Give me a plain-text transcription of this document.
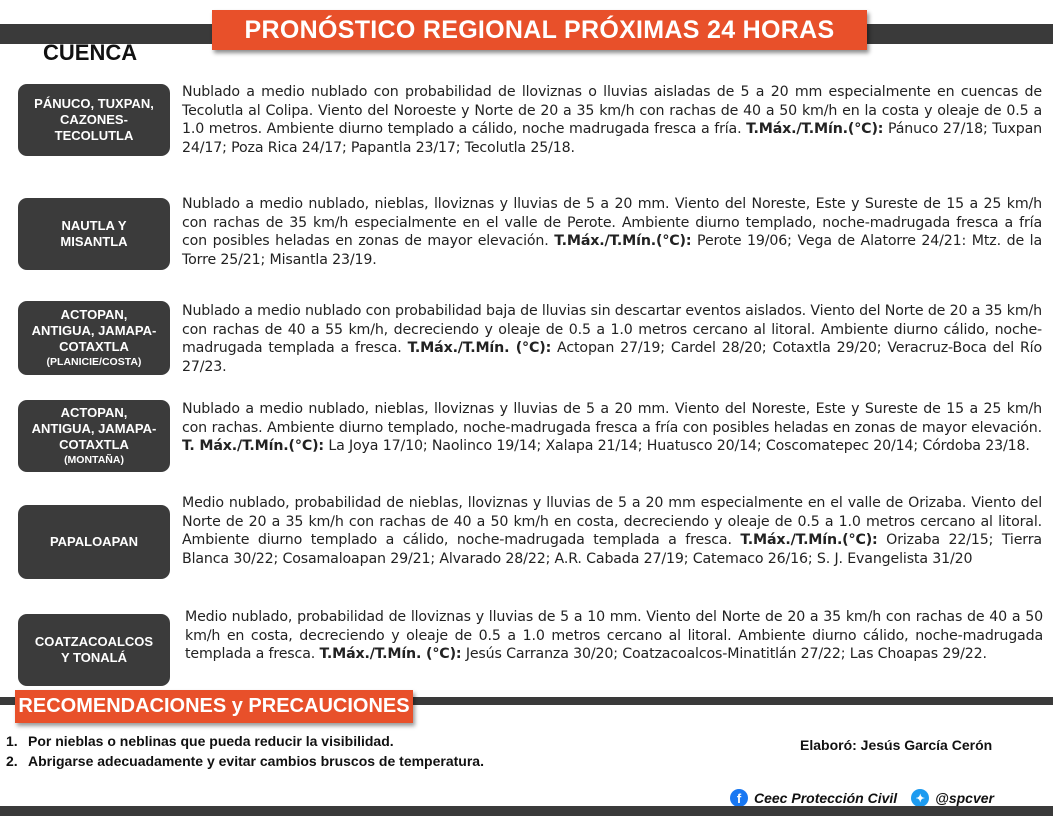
PRONÓSTICO REGIONAL PRÓXIMAS 24 HORAS
CUENCA
PÁNUCO, TUXPAN,
CAZONES-
TECOLUTLA
Nublado a medio nublado con probabilidad de lloviznas o lluvias aisladas de 5 a 20 mm especialmente en cuencas de Tecolutla al Colipa. Viento del Noroeste y Norte de 20 a 35 km/h con rachas de 40 a 50 km/h en la costa y oleaje de 0.5 a 1.0 metros. Ambiente diurno templado a cálido, noche madrugada fresca a fría. T.Máx./T.Mín.(°C): Pánuco 27/18; Tuxpan 24/17; Poza Rica 24/17; Papantla 23/17; Tecolutla 25/18.
NAUTLA Y
MISANTLA
Nublado a medio nublado, nieblas, lloviznas y lluvias de 5 a 20 mm. Viento del Noreste, Este y Sureste de 15 a 25 km/h con rachas de 35 km/h especialmente en el valle de Perote. Ambiente diurno templado, noche-madrugada fresca a fría con posibles heladas en zonas de mayor elevación. T.Máx./T.Mín.(°C): Perote 19/06; Vega de Alatorre 24/21: Mtz. de la Torre 25/21; Misantla 23/19.
ACTOPAN,
ANTIGUA, JAMAPA-
COTAXTLA
(PLANICIE/COSTA)
Nublado a medio nublado con probabilidad baja de lluvias sin descartar eventos aislados. Viento del Norte de 20 a 35 km/h con rachas de 40 a 55 km/h, decreciendo y oleaje de 0.5 a 1.0 metros cercano al litoral. Ambiente diurno cálido, noche-madrugada templada a fresca. T.Máx./T.Mín. (°C): Actopan 27/19; Cardel 28/20; Cotaxtla 29/20; Veracruz-Boca del Río 27/23.
ACTOPAN,
ANTIGUA, JAMAPA-
COTAXTLA
(MONTAÑA)
Nublado a medio nublado, nieblas, lloviznas y lluvias de 5 a 20 mm. Viento del Noreste, Este y Sureste de 15 a 25 km/h con rachas. Ambiente diurno templado, noche-madrugada fresca a fría con posibles heladas en zonas de mayor elevación. T. Máx./T.Mín.(°C): La Joya 17/10; Naolinco 19/14; Xalapa 21/14; Huatusco 20/14; Coscomatepec 20/14; Córdoba 23/18.
PAPALOAPAN
Medio nublado, probabilidad de nieblas, lloviznas y lluvias de 5 a 20 mm especialmente en el valle de Orizaba. Viento del Norte de 20 a 35 km/h con rachas de 40 a 50 km/h en costa, decreciendo y oleaje de 0.5 a 1.0 metros cercano al litoral. Ambiente diurno templado a cálido, noche-madrugada templada a fresca. T.Máx./T.Mín.(°C): Orizaba 22/15; Tierra Blanca 30/22; Cosamaloapan 29/21; Alvarado 28/22; A.R. Cabada 27/19; Catemaco 26/16; S. J. Evangelista 31/20
COATZACOALCOS
Y TONALÁ
Medio nublado, probabilidad de lloviznas y lluvias de 5 a 10 mm. Viento del Norte de 20 a 35 km/h con rachas de 40 a 50 km/h en costa, decreciendo y oleaje de 0.5 a 1.0 metros cercano al litoral. Ambiente diurno cálido, noche-madrugada templada a fresca. T.Máx./T.Mín. (°C): Jesús Carranza 30/20; Coatzacoalcos-Minatitlán 27/22; Las Choapas 29/22.
RECOMENDACIONES y PRECAUCIONES
1. Por nieblas o neblinas que pueda reducir la visibilidad.
2. Abrigarse adecuadamente y evitar cambios bruscos de temperatura.
Elaboró: Jesús García Cerón
f Ceec Protección Civil	✦ @spcver
